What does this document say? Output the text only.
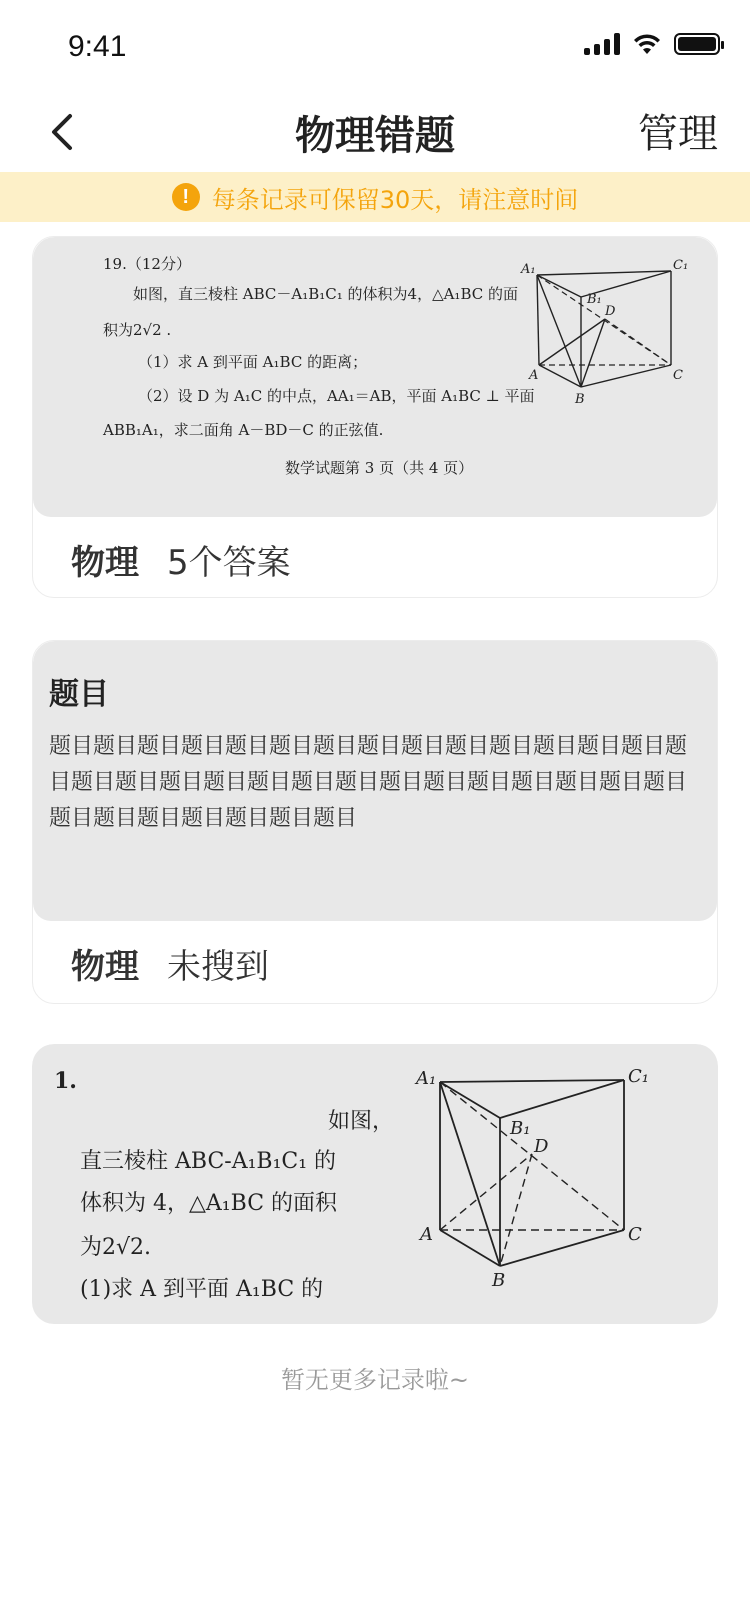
9:41
物理错题	管理
! 每条记录可保留30天，请注意时间
19.（12分）
如图，直三棱柱 ABC－A₁B₁C₁ 的体积为4，△A₁BC 的面
积为2√2 .
（1）求 A 到平面 A₁BC 的距离；
（2）设 D 为 A₁C 的中点，AA₁＝AB，平面 A₁BC ⊥ 平面
ABB₁A₁，求二面角 A－BD－C 的正弦值.
数学试题第 3 页（共 4 页）
A₁	C₁
B₁
D
A
B
C
物理 5个答案
题目
题目题目题目题目题目题目题目题目题目题目题目题目题目题目题目题目题目题目题目题目题目题目题目题目题目题目题目题目题目题目题目题目题目题目题目题目
物理 未搜到
1.
如图，
直三棱柱 ABC-A₁B₁C₁ 的
体积为 4，△A₁BC 的面积
为2√2.
(1)求 A 到平面 A₁BC 的
A₁	C₁
B₁
D
A
B
C
暂无更多记录啦~
